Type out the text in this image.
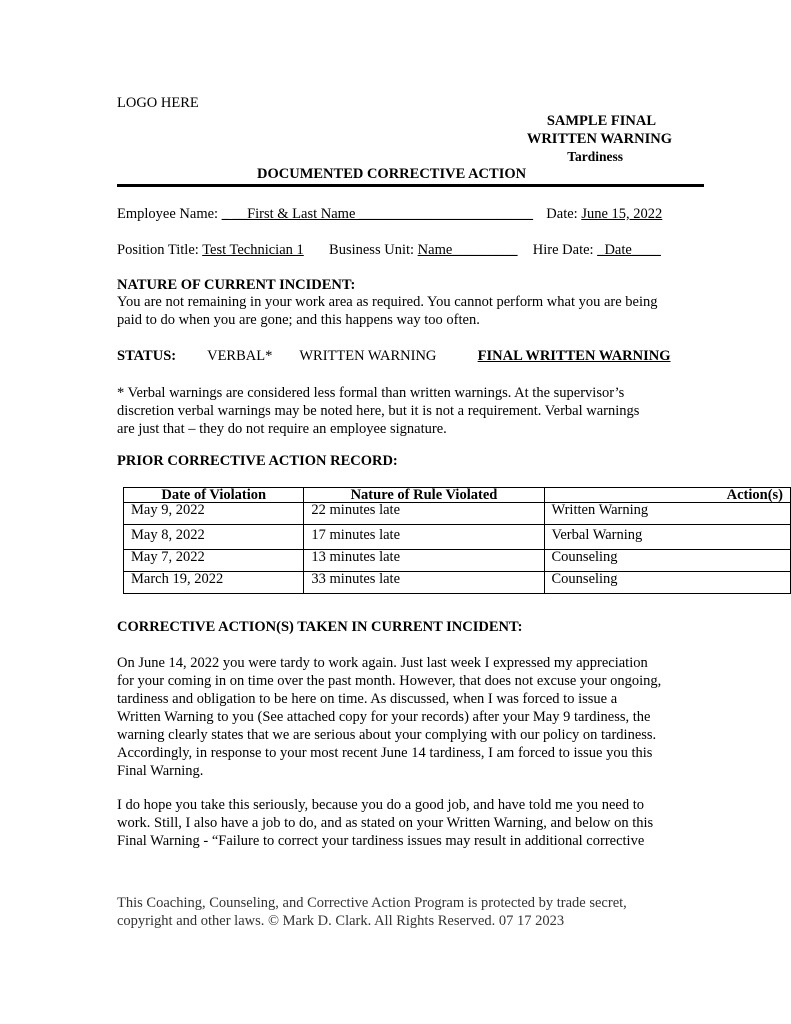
LOGO HERE
SAMPLE FINAL
WRITTEN WARNING
Tardiness
DOCUMENTED CORRECTIVE ACTION
Employee Name: _ __First & Last Name ________________________ Date: June 15, 2022
Position Title: Test Technician 1 Business Unit: Name_________ Hire Date: _Date____
NATURE OF CURRENT INCIDENT:
You are not remaining in your work area as required. You cannot perform what you are being
paid to do when you are gone; and this happens way too often.
STATUS: VERBAL* WRITTEN WARNING	FINAL WRITTEN WARNING
* Verbal warnings are considered less formal than written warnings. At the supervisor’s
discretion verbal warnings may be noted here, but it is not a requirement. Verbal warnings
are just that – they do not require an employee signature.
PRIOR CORRECTIVE ACTION RECORD:
Date of Violation	Nature of Rule Violated	Action(s)
May 9, 2022	22 minutes late	Written Warning
May 8, 2022	17 minutes late	Verbal Warning
May 7, 2022	13 minutes late	Counseling
March 19, 2022	33 minutes late	Counseling
CORRECTIVE ACTION(S) TAKEN IN CURRENT INCIDENT:
On June 14, 2022 you were tardy to work again. Just last week I expressed my appreciation
for your coming in on time over the past month. However, that does not excuse your ongoing,
tardiness and obligation to be here on time. As discussed, when I was forced to issue a
Written Warning to you (See attached copy for your records) after your May 9 tardiness, the
warning clearly states that we are serious about your complying with our policy on tardiness.
Accordingly, in response to your most recent June 14 tardiness, I am forced to issue you this
Final Warning.
I do hope you take this seriously, because you do a good job, and have told me you need to
work. Still, I also have a job to do, and as stated on your Written Warning, and below on this
Final Warning - “Failure to correct your tardiness issues may result in additional corrective
This Coaching, Counseling, and Corrective Action Program is protected by trade secret,
copyright and other laws. © Mark D. Clark. All Rights Reserved. 07 17 2023
